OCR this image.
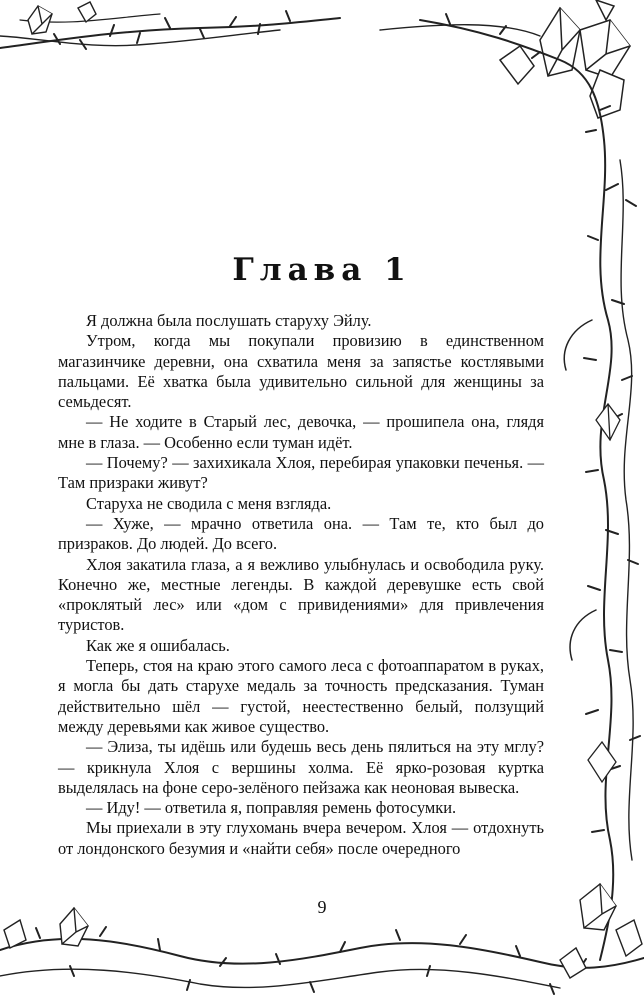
Глава 1

Я должна была послушать старуху Эйлу.

Утром, когда мы покупали провизию в единственном магазинчике деревни, она схватила меня за запястье костлявыми пальцами. Её хватка была удивительно сильной для женщины за семьдесят.

— Не ходите в Старый лес, девочка, — прошипела она, глядя мне в глаза. — Особенно если туман идёт.

— Почему? — захихикала Хлоя, перебирая упаковки печенья. — Там призраки живут?

Старуха не сводила с меня взгляда.

— Хуже, — мрачно ответила она. — Там те, кто был до призраков. До людей. До всего.

Хлоя закатила глаза, а я вежливо улыбнулась и освободила руку. Конечно же, местные легенды. В каждой деревушке есть свой «проклятый лес» или «дом с привидениями» для привлечения туристов.

Как же я ошибалась.

Теперь, стоя на краю этого самого леса с фотоаппаратом в руках, я могла бы дать старухе медаль за точность предсказания. Туман действительно шёл — густой, неестественно белый, ползущий между деревьями как живое существо.

— Элиза, ты идёшь или будешь весь день пялиться на эту мглу? — крикнула Хлоя с вершины холма. Её ярко-розовая куртка выделялась на фоне серо-зелёного пейзажа как неоновая вывеска.

— Иду! — ответила я, поправляя ремень фотосумки.

Мы приехали в эту глухомань вчера вечером. Хлоя — отдохнуть от лондонского безумия и «найти себя» после очередного

9
